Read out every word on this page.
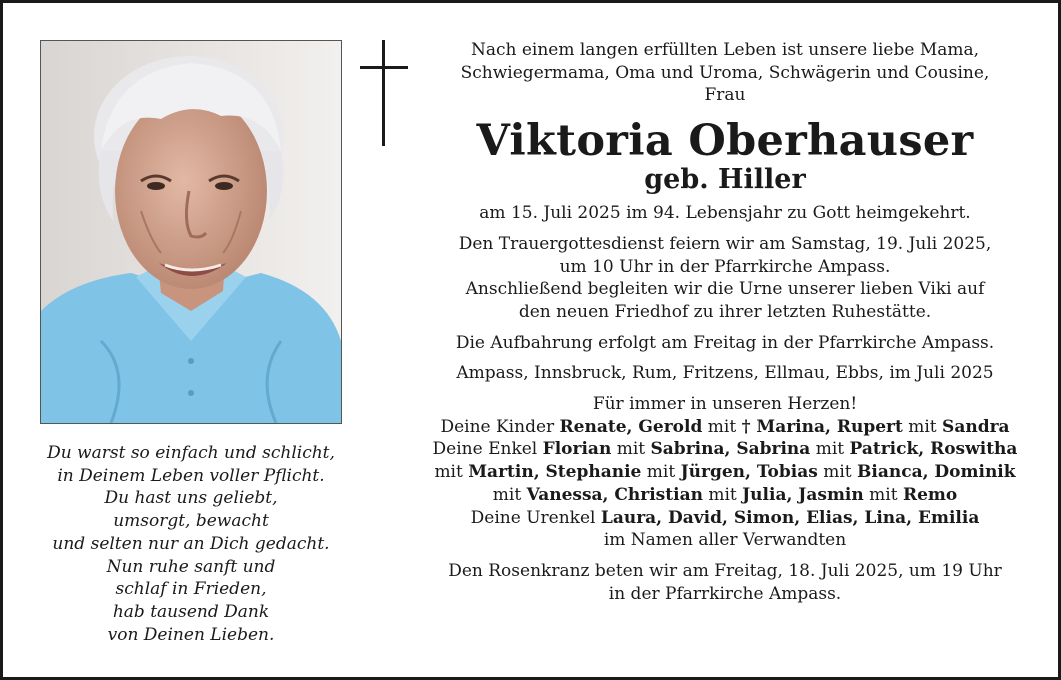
Du warst so einfach und schlicht,
in Deinem Leben voller Pflicht.
Du hast uns geliebt,
umsorgt, bewacht
und selten nur an Dich gedacht.
Nun ruhe sanft und
schlaf in Frieden,
hab tausend Dank
von Deinen Lieben.
Nach einem langen erfüllten Leben ist unsere liebe Mama,
Schwiegermama, Oma und Uroma, Schwägerin und Cousine,
Frau
Viktoria Oberhauser
geb. Hiller
am 15. Juli 2025 im 94. Lebensjahr zu Gott heimgekehrt.
Den Trauergottesdienst feiern wir am Samstag, 19. Juli 2025,
um 10 Uhr in der Pfarrkirche Ampass.
Anschließend begleiten wir die Urne unserer lieben Viki auf
den neuen Friedhof zu ihrer letzten Ruhestätte.
Die Aufbahrung erfolgt am Freitag in der Pfarrkirche Ampass.
Ampass, Innsbruck, Rum, Fritzens, Ellmau, Ebbs, im Juli 2025
Für immer in unseren Herzen!
Deine Kinder Renate, Gerold mit † Marina, Rupert mit Sandra
Deine Enkel Florian mit Sabrina, Sabrina mit Patrick, Roswitha
mit Martin, Stephanie mit Jürgen, Tobias mit Bianca, Dominik
mit Vanessa, Christian mit Julia, Jasmin mit Remo
Deine Urenkel Laura, David, Simon, Elias, Lina, Emilia
im Namen aller Verwandten
Den Rosenkranz beten wir am Freitag, 18. Juli 2025, um 19 Uhr
in der Pfarrkirche Ampass.
